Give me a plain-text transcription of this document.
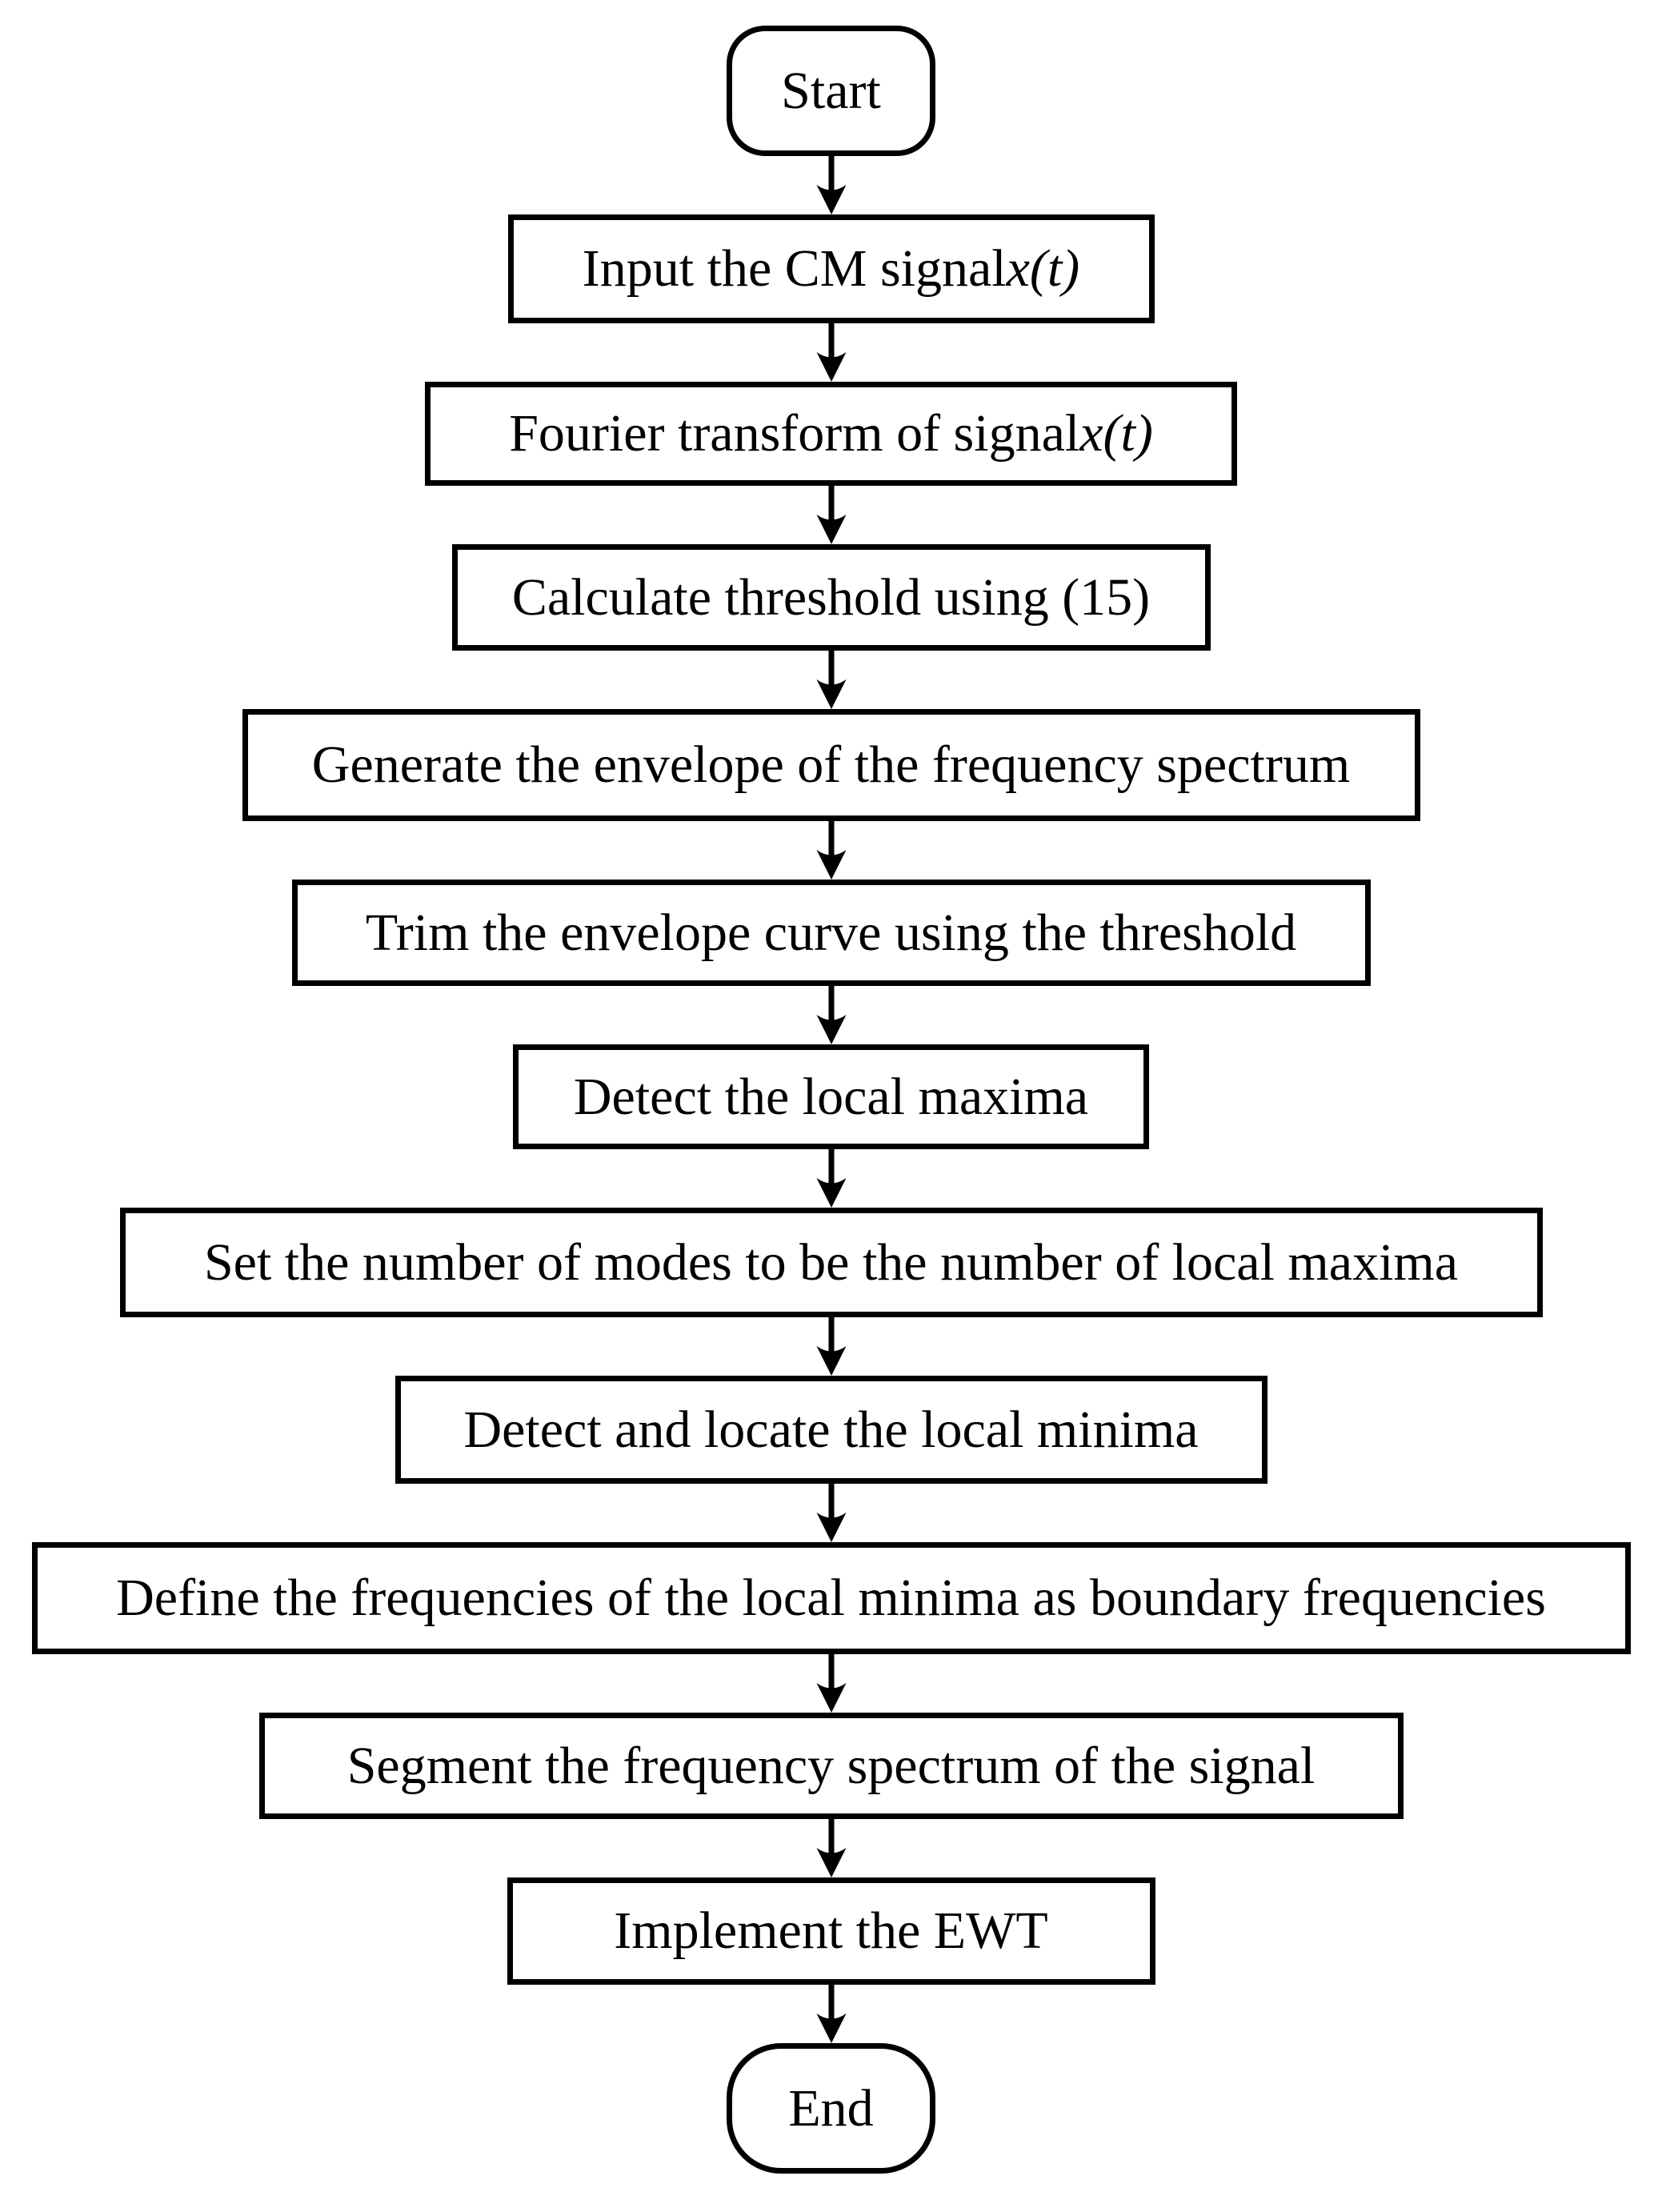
Start
Input the CM signal x(t)
Fourier transform of signal x(t)
Calculate threshold using (15)
Generate the envelope of the frequency spectrum
Trim the envelope curve using the threshold
Detect the local maxima
Set the number of modes to be the number of local maxima
Detect and locate the local minima
Define the frequencies of the local minima as boundary frequencies
Segment the frequency spectrum of the signal
Implement the EWT
End
